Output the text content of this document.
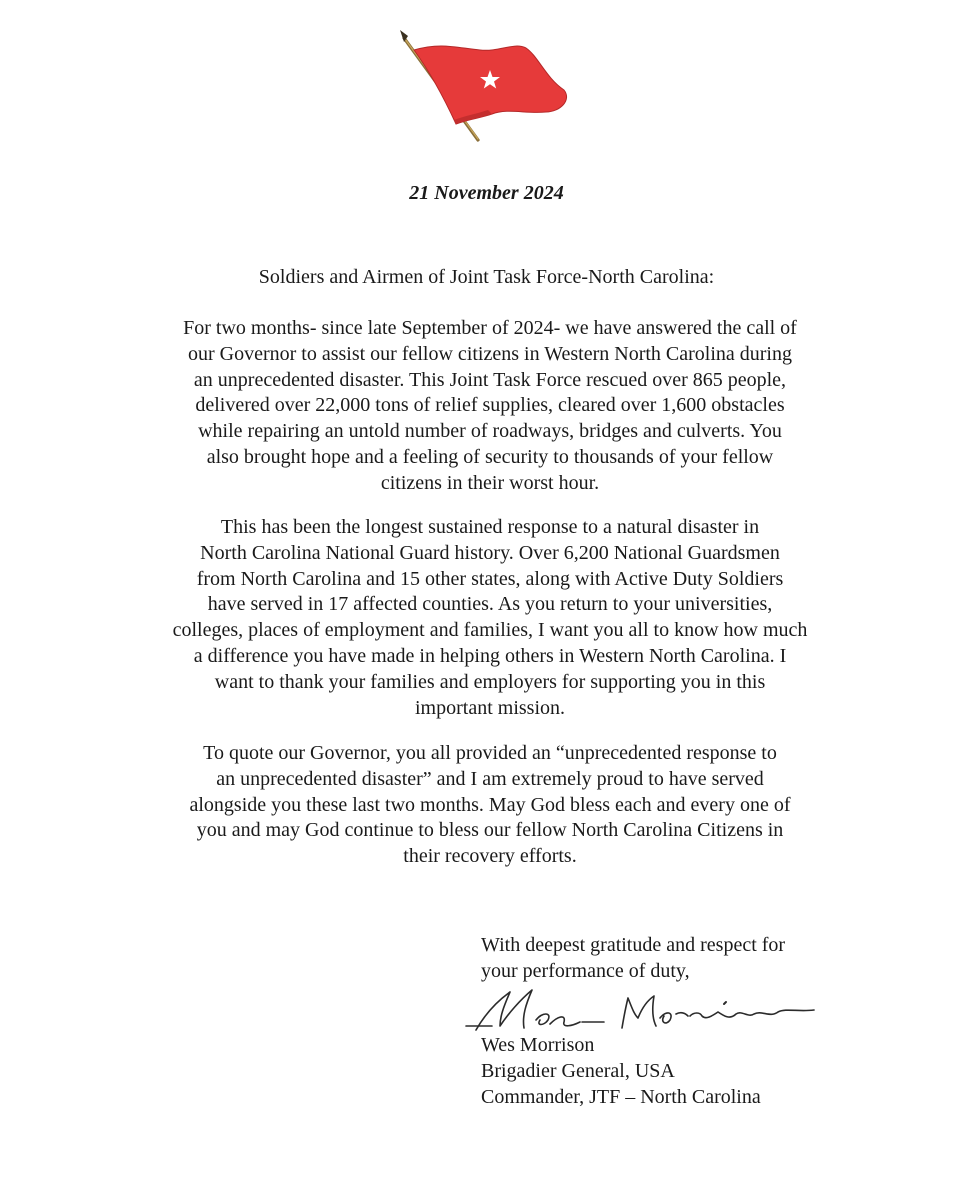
21 November 2024
Soldiers and Airmen of Joint Task Force-North Carolina:

For two months- since late September of 2024- we have answered the call of
our Governor to assist our fellow citizens in Western North Carolina during
an unprecedented disaster. This Joint Task Force rescued over 865 people,
delivered over 22,000 tons of relief supplies, cleared over 1,600 obstacles
while repairing an untold number of roadways, bridges and culverts. You
also brought hope and a feeling of security to thousands of your fellow
citizens in their worst hour.

This has been the longest sustained response to a natural disaster in
North Carolina National Guard history. Over 6,200 National Guardsmen
from North Carolina and 15 other states, along with Active Duty Soldiers
have served in 17 affected counties. As you return to your universities,
colleges, places of employment and families, I want you all to know how much
a difference you have made in helping others in Western North Carolina. I
want to thank your families and employers for supporting you in this
important mission.

To quote our Governor, you all provided an “unprecedented response to
an unprecedented disaster” and I am extremely proud to have served
alongside you these last two months. May God bless each and every one of
you and may God continue to bless our fellow North Carolina Citizens in
their recovery efforts.

With deepest gratitude and respect for
your performance of duty,
Wes Morrison
Brigadier General, USA
Commander, JTF – North Carolina
